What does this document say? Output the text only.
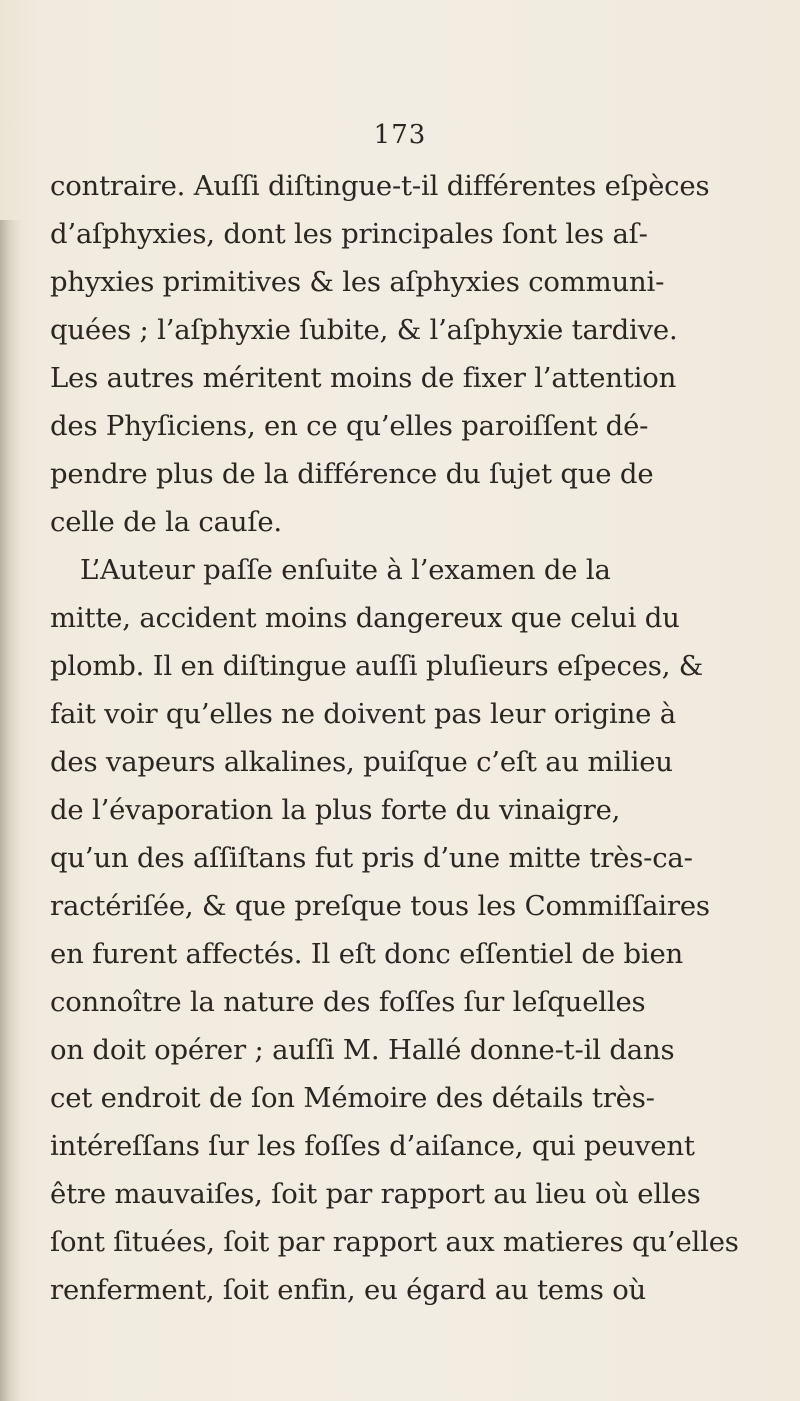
173
contraire. Auſſi diſtingue-t-il différentes eſpèces
d’aſphyxies, dont les principales ſont les aſ-
phyxies primitives & les aſphyxies communi-
quées ; l’aſphyxie ſubite, & l’aſphyxie tardive.
Les autres méritent moins de fixer l’attention
des Phyſiciens, en ce qu’elles paroiſſent dé-
pendre plus de la différence du ſujet que de
celle de la cauſe.
L’Auteur paſſe enſuite à l’examen de la
mitte, accident moins dangereux que celui du
plomb. Il en diſtingue auſſi pluſieurs eſpeces, &
fait voir qu’elles ne doivent pas leur origine à
des vapeurs alkalines, puiſque c’eſt au milieu
de l’évaporation la plus forte du vinaigre,
qu’un des aſſiſtans fut pris d’une mitte très-ca-
ractériſée, & que preſque tous les Commiſſaires
en furent affectés. Il eſt donc eſſentiel de bien
connoître la nature des foſſes ſur leſquelles
on doit opérer ; auſſi M. Hallé donne-t-il dans
cet endroit de ſon Mémoire des détails très-
intéreſſans ſur les foſſes d’aiſance, qui peuvent
être mauvaiſes, ſoit par rapport au lieu où elles
ſont ſituées, ſoit par rapport aux matieres qu’elles
renferment, ſoit enfin, eu égard au tems où
